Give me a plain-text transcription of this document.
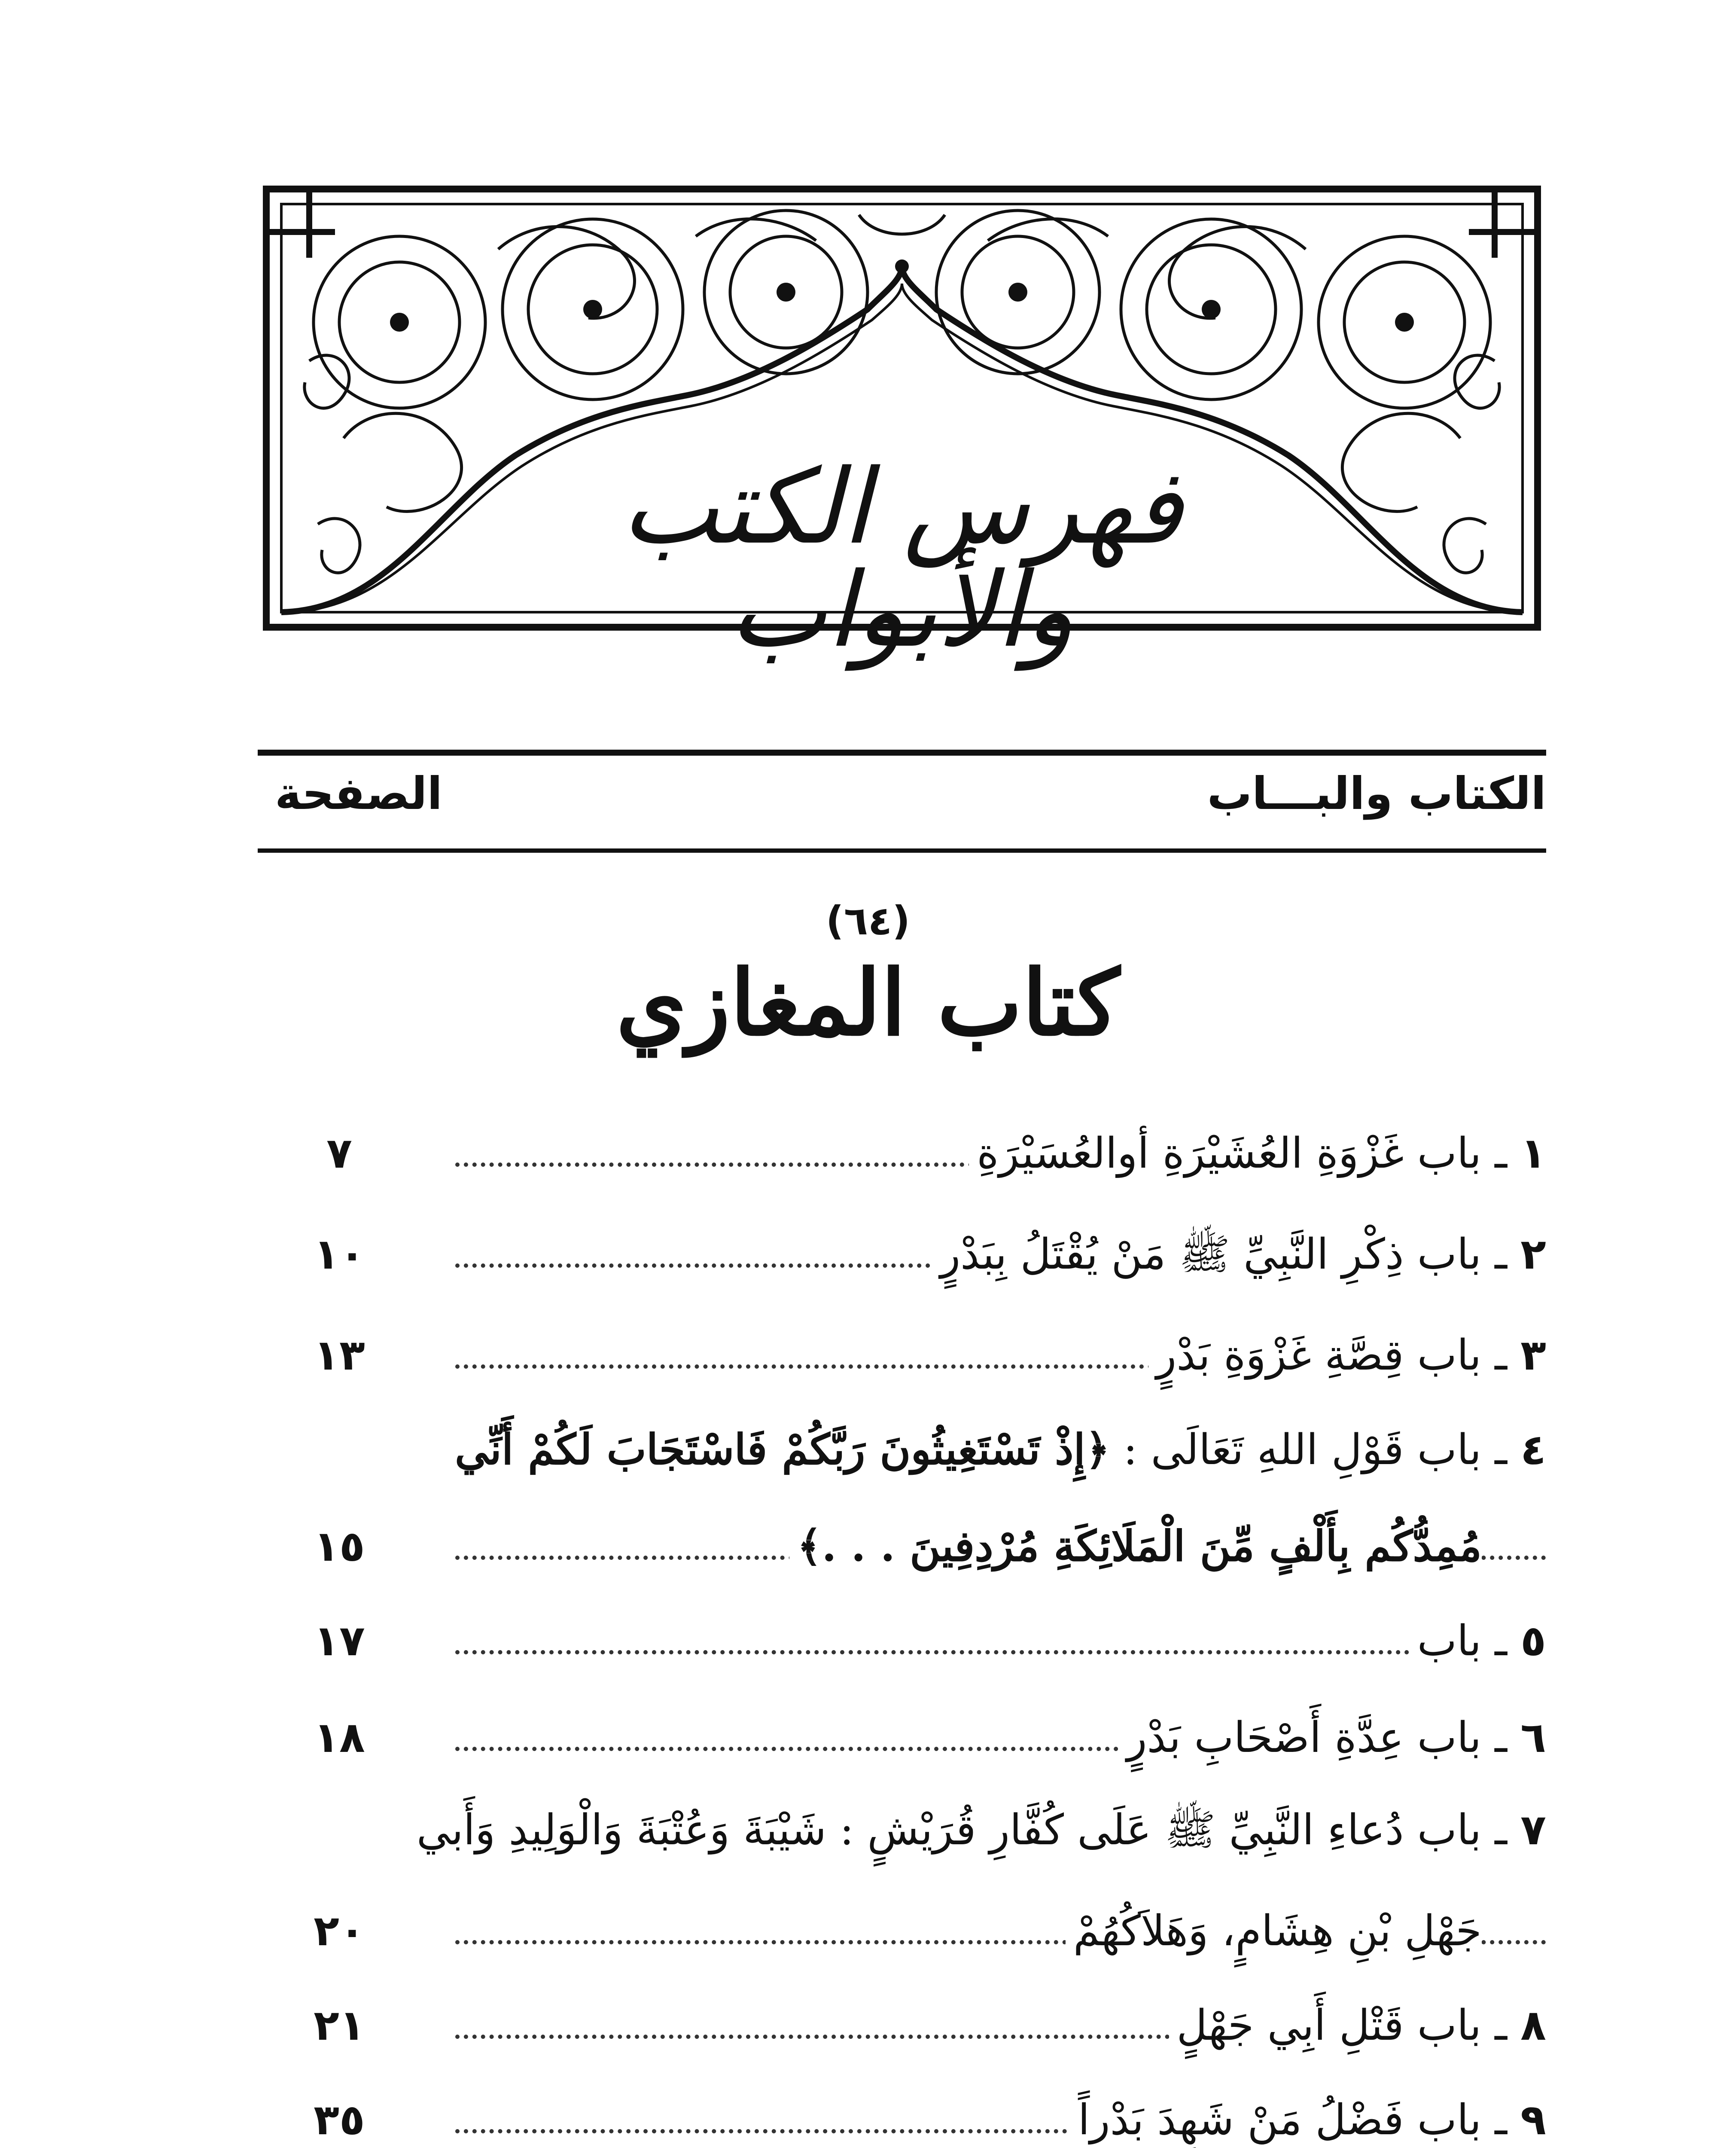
فهرس الكتب والأبواب
الكتاب والبـــاب
الصفحة
(٦٤)
كتاب المغازي
١ ـ باب غَزْوَةِ العُشَيْرَةِ أوالعُسَيْرَةِ
٧
٢ ـ باب ذِكْرِ النَّبِيِّ ﷺ مَنْ يُقْتَلُ بِبَدْرٍ
١٠
٣ ـ باب قِصَّةِ غَزْوَةِ بَدْرٍ
١٣
٤ ـ باب قَوْلِ اللهِ تَعَالَى : ﴿إِذْ تَسْتَغِيثُونَ رَبَّكُمْ فَاسْتَجَابَ لَكُمْ أَنِّي
مُمِدُّكُم بِأَلْفٍ مِّنَ الْمَلَائِكَةِ مُرْدِفِينَ . . .﴾
١٥
٥ ـ باب
١٧
٦ ـ باب عِدَّةِ أَصْحَابِ بَدْرٍ
١٨
٧ ـ باب دُعاءِ النَّبِيِّ ﷺ عَلَى كُفَّارِ قُرَيْشٍ : شَيْبَةَ وَعُتْبَةَ وَالْوَلِيدِ وَأَبي
جَهْلِ بْنِ هِشَامٍ، وَهَلاَكُهُمْ
٢٠
٨ ـ باب قَتْلِ أَبِي جَهْلٍ
٢١
٩ ـ باب فَضْلُ مَنْ شَهِدَ بَدْراً
٣٥
